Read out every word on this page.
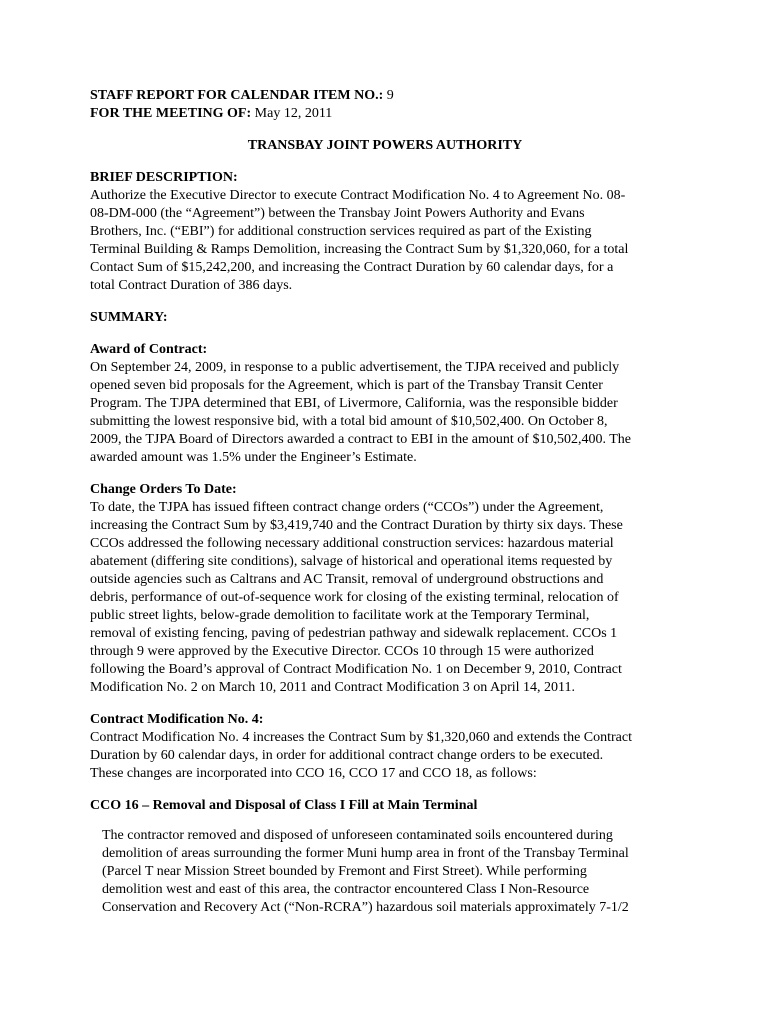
STAFF REPORT FOR CALENDAR ITEM NO.: 9
FOR THE MEETING OF: May 12, 2011
TRANSBAY JOINT POWERS AUTHORITY
BRIEF DESCRIPTION:
Authorize the Executive Director to execute Contract Modification No. 4 to Agreement No. 08-
08-DM-000 (the “Agreement”) between the Transbay Joint Powers Authority and Evans
Brothers, Inc. (“EBI”) for additional construction services required as part of the Existing
Terminal Building & Ramps Demolition, increasing the Contract Sum by $1,320,060, for a total
Contact Sum of $15,242,200, and increasing the Contract Duration by 60 calendar days, for a
total Contract Duration of 386 days.
SUMMARY:
Award of Contract:
On September 24, 2009, in response to a public advertisement, the TJPA received and publicly
opened seven bid proposals for the Agreement, which is part of the Transbay Transit Center
Program. The TJPA determined that EBI, of Livermore, California, was the responsible bidder
submitting the lowest responsive bid, with a total bid amount of $10,502,400. On October 8,
2009, the TJPA Board of Directors awarded a contract to EBI in the amount of $10,502,400. The
awarded amount was 1.5% under the Engineer’s Estimate.
Change Orders To Date:
To date, the TJPA has issued fifteen contract change orders (“CCOs”) under the Agreement,
increasing the Contract Sum by $3,419,740 and the Contract Duration by thirty six days. These
CCOs addressed the following necessary additional construction services: hazardous material
abatement (differing site conditions), salvage of historical and operational items requested by
outside agencies such as Caltrans and AC Transit, removal of underground obstructions and
debris, performance of out-of-sequence work for closing of the existing terminal, relocation of
public street lights, below-grade demolition to facilitate work at the Temporary Terminal,
removal of existing fencing, paving of pedestrian pathway and sidewalk replacement. CCOs 1
through 9 were approved by the Executive Director. CCOs 10 through 15 were authorized
following the Board’s approval of Contract Modification No. 1 on December 9, 2010, Contract
Modification No. 2 on March 10, 2011 and Contract Modification 3 on April 14, 2011.
Contract Modification No. 4:
Contract Modification No. 4 increases the Contract Sum by $1,320,060 and extends the Contract
Duration by 60 calendar days, in order for additional contract change orders to be executed.
These changes are incorporated into CCO 16, CCO 17 and CCO 18, as follows:
CCO 16 – Removal and Disposal of Class I Fill at Main Terminal
The contractor removed and disposed of unforeseen contaminated soils encountered during
demolition of areas surrounding the former Muni hump area in front of the Transbay Terminal
(Parcel T near Mission Street bounded by Fremont and First Street). While performing
demolition west and east of this area, the contractor encountered Class I Non-Resource
Conservation and Recovery Act (“Non-RCRA”) hazardous soil materials approximately 7-1/2
